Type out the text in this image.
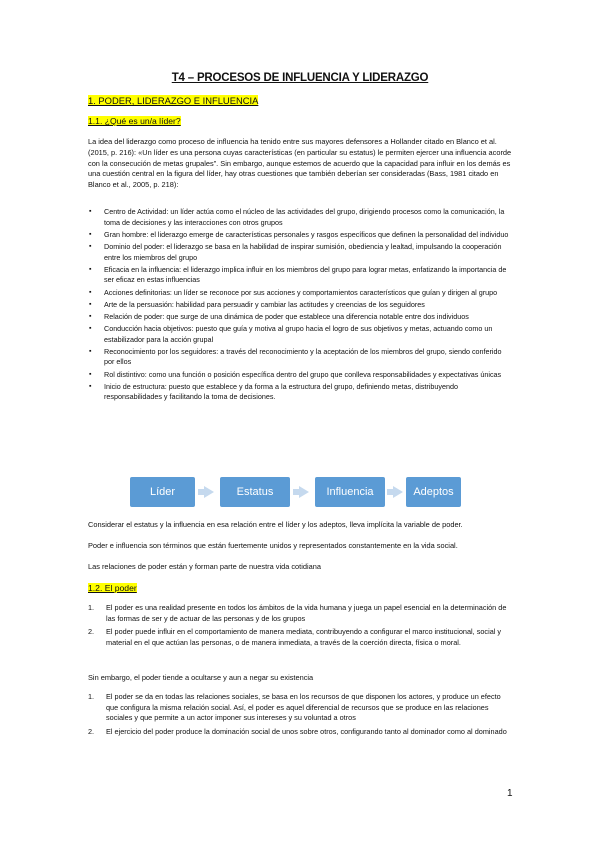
T4 – PROCESOS DE INFLUENCIA Y LIDERAZGO
1. PODER, LIDERAZGO E INFLUENCIA
1.1. ¿Qué es un/a líder?
La idea del liderazgo como proceso de influencia ha tenido entre sus mayores defensores a Hollander citado en Blanco et al. (2015, p. 216): «Un líder es una persona cuyas características (en particular su estatus) le permiten ejercer una influencia acorde con la consecución de metas grupales”. Sin embargo, aunque estemos de acuerdo que la capacidad para influir en los demás es una cuestión central en la figura del líder, hay otras cuestiones que también deberían ser consideradas (Bass, 1981 citado en Blanco et al., 2005, p. 218):
▪ Centro de Actividad: un líder actúa como el núcleo de las actividades del grupo, dirigiendo procesos como la comunicación, la toma de decisiones y las interacciones con otros grupos
▪ Gran hombre: el liderazgo emerge de características personales y rasgos específicos que definen la personalidad del individuo
▪ Dominio del poder: el liderazgo se basa en la habilidad de inspirar sumisión, obediencia y lealtad, impulsando la cooperación entre los miembros del grupo
▪ Eficacia en la influencia: el liderazgo implica influir en los miembros del grupo para lograr metas, enfatizando la importancia de ser eficaz en estas influencias
▪ Acciones definitorias: un líder se reconoce por sus acciones y comportamientos característicos que guían y dirigen al grupo
▪ Arte de la persuasión: habilidad para persuadir y cambiar las actitudes y creencias de los seguidores
▪ Relación de poder: que surge de una dinámica de poder que establece una diferencia notable entre dos individuos
▪ Conducción hacia objetivos: puesto que guía y motiva al grupo hacia el logro de sus objetivos y metas, actuando como un estabilizador para la acción grupal
▪ Reconocimiento por los seguidores: a través del reconocimiento y la aceptación de los miembros del grupo, siendo conferido por ellos
▪ Rol distintivo: como una función o posición específica dentro del grupo que conlleva responsabilidades y expectativas únicas
▪ Inicio de estructura: puesto que establece y da forma a la estructura del grupo, definiendo metas, distribuyendo responsabilidades y facilitando la toma de decisiones.
Líder	Estatus	Influencia	Adeptos
Considerar el estatus y la influencia en esa relación entre el líder y los adeptos, lleva implícita la variable de poder.
Poder e influencia son términos que están fuertemente unidos y representados constantemente en la vida social.
Las relaciones de poder están y forman parte de nuestra vida cotidiana
1.2. El poder
1. El poder es una realidad presente en todos los ámbitos de la vida humana y juega un papel esencial en la determinación de las formas de ser y de actuar de las personas y de los grupos
2. El poder puede influir en el comportamiento de manera mediata, contribuyendo a configurar el marco institucional, social y material en el que actúan las personas, o de manera inmediata, a través de la coerción directa, física o moral.
Sin embargo, el poder tiende a ocultarse y aun a negar su existencia
1. El poder se da en todas las relaciones sociales, se basa en los recursos de que disponen los actores, y produce un efecto que configura la misma relación social. Así, el poder es aquel diferencial de recursos que se produce en las relaciones sociales y que permite a un actor imponer sus intereses y su voluntad a otros
2. El ejercicio del poder produce la dominación social de unos sobre otros, configurando tanto al dominador como al dominado
1
